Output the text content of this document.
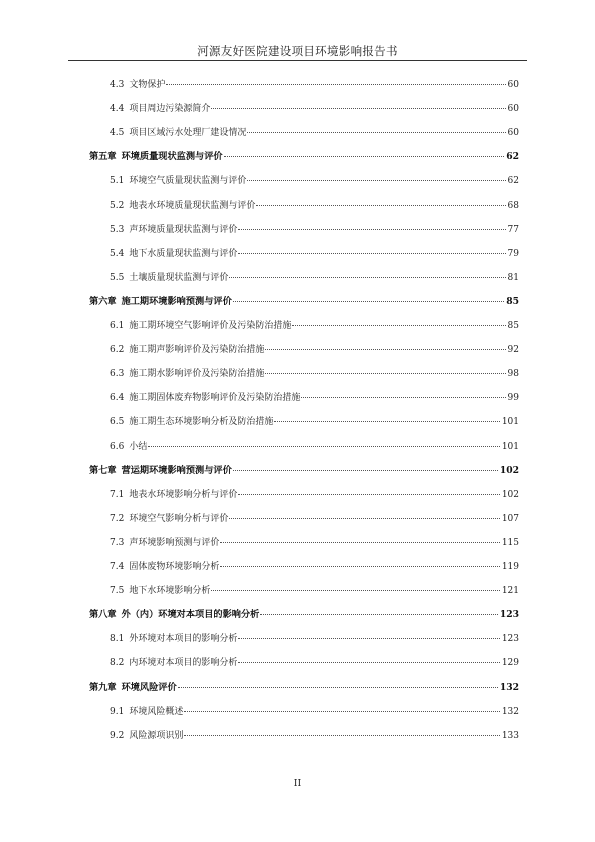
河源友好医院建设项目环境影响报告书
4.3 文物保护	60
4.4 项目周边污染源简介	60
4.5 项目区域污水处理厂建设情况	60
第五章 环境质量现状监测与评价	62
5.1 环境空气质量现状监测与评价	62
5.2 地表水环境质量现状监测与评价	68
5.3 声环境质量现状监测与评价	77
5.4 地下水质量现状监测与评价	79
5.5 土壤质量现状监测与评价	81
第六章 施工期环境影响预测与评价	85
6.1 施工期环境空气影响评价及污染防治措施	85
6.2 施工期声影响评价及污染防治措施	92
6.3 施工期水影响评价及污染防治措施	98
6.4 施工期固体废弃物影响评价及污染防治措施	99
6.5 施工期生态环境影响分析及防治措施	101
6.6 小结	101
第七章 营运期环境影响预测与评价	102
7.1 地表水环境影响分析与评价	102
7.2 环境空气影响分析与评价	107
7.3 声环境影响预测与评价	115
7.4 固体废物环境影响分析	119
7.5 地下水环境影响分析	121
第八章 外（内）环境对本项目的影响分析	123
8.1 外环境对本项目的影响分析	123
8.2 内环境对本项目的影响分析	129
第九章 环境风险评价	132
9.1 环境风险概述	132
9.2 风险源项识别	133
II
